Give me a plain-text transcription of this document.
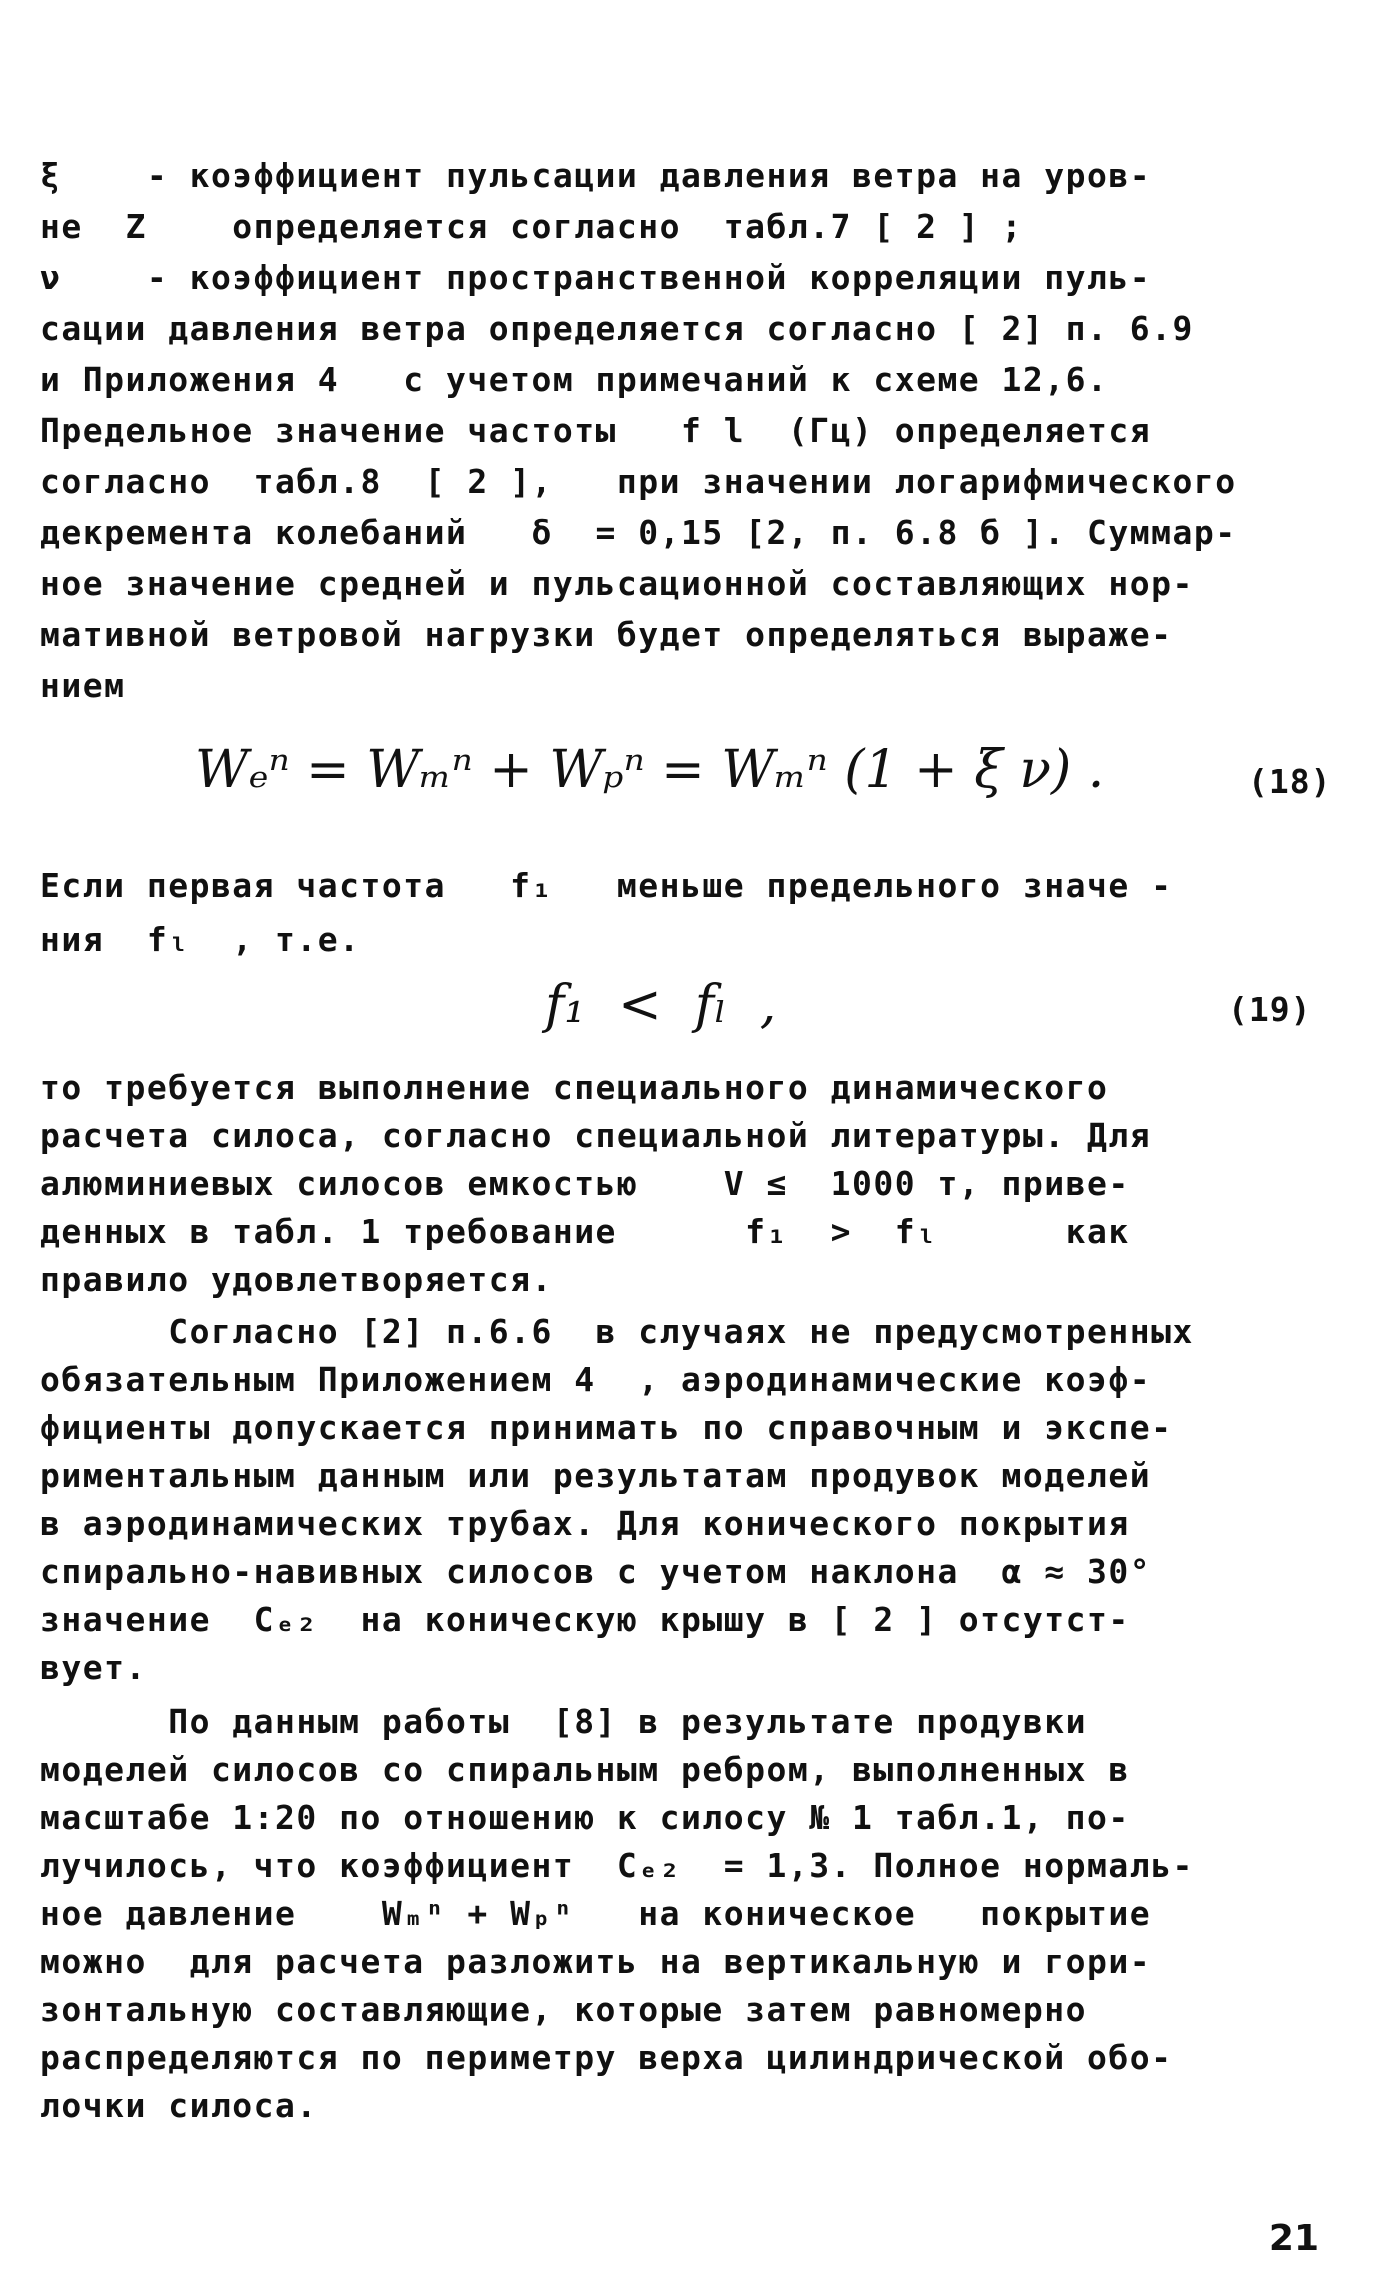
ξ    - коэффициент пульсации давления ветра на уров-
не  Z    определяется согласно  табл.7 [ 2 ] ;
ν    - коэффициент пространственной корреляции пуль-
сации давления ветра определяется согласно [ 2] п. 6.9
и Приложения 4   с учетом примечаний к схеме 12,6.
Предельное значение частоты   f l  (Гц) определяется
согласно  табл.8  [ 2 ],   при значении логарифмического
декремента колебаний   δ  = 0,15 [2, п. 6.8 б ]. Суммар-
ное значение средней и пульсационной составляющих нор-
мативной ветровой нагрузки будет определяться выраже-
нием
Wₑⁿ = Wₘⁿ + Wₚⁿ = Wₘⁿ (1 + ξ ν) .	(18)
Если первая частота   f₁   меньше предельного значе -
ния  fₗ  , т.е.
f₁  <  fₗ  ,	(19)
то требуется выполнение специального динамического
расчета силоса, согласно специальной литературы. Для
алюминиевых силосов емкостью    V ≤  1000 т, приве-
денных в табл. 1 требование      f₁  >  fₗ      как
правило удовлетворяется.
Согласно [2] п.6.6  в случаях не предусмотренных
обязательным Приложением 4  , аэродинамические коэф-
фициенты допускается принимать по справочным и экспе-
риментальным данным или результатам продувок моделей
в аэродинамических трубах. Для конического покрытия
спирально-навивных силосов с учетом наклона  α ≈ 30°
значение  Cₑ₂  на коническую крышу в [ 2 ] отсутст-
вует.
По данным работы  [8] в результате продувки
моделей силосов со спиральным ребром, выполненных в
масштабе 1:20 по отношению к силосу № 1 табл.1, по-
лучилось, что коэффициент  Cₑ₂  = 1,3. Полное нормаль-
ное давление    Wₘⁿ + Wₚⁿ   на коническое   покрытие
можно  для расчета разложить на вертикальную и гори-
зонтальную составляющие, которые затем равномерно
распределяются по периметру верха цилиндрической обо-
лочки силоса.
21
